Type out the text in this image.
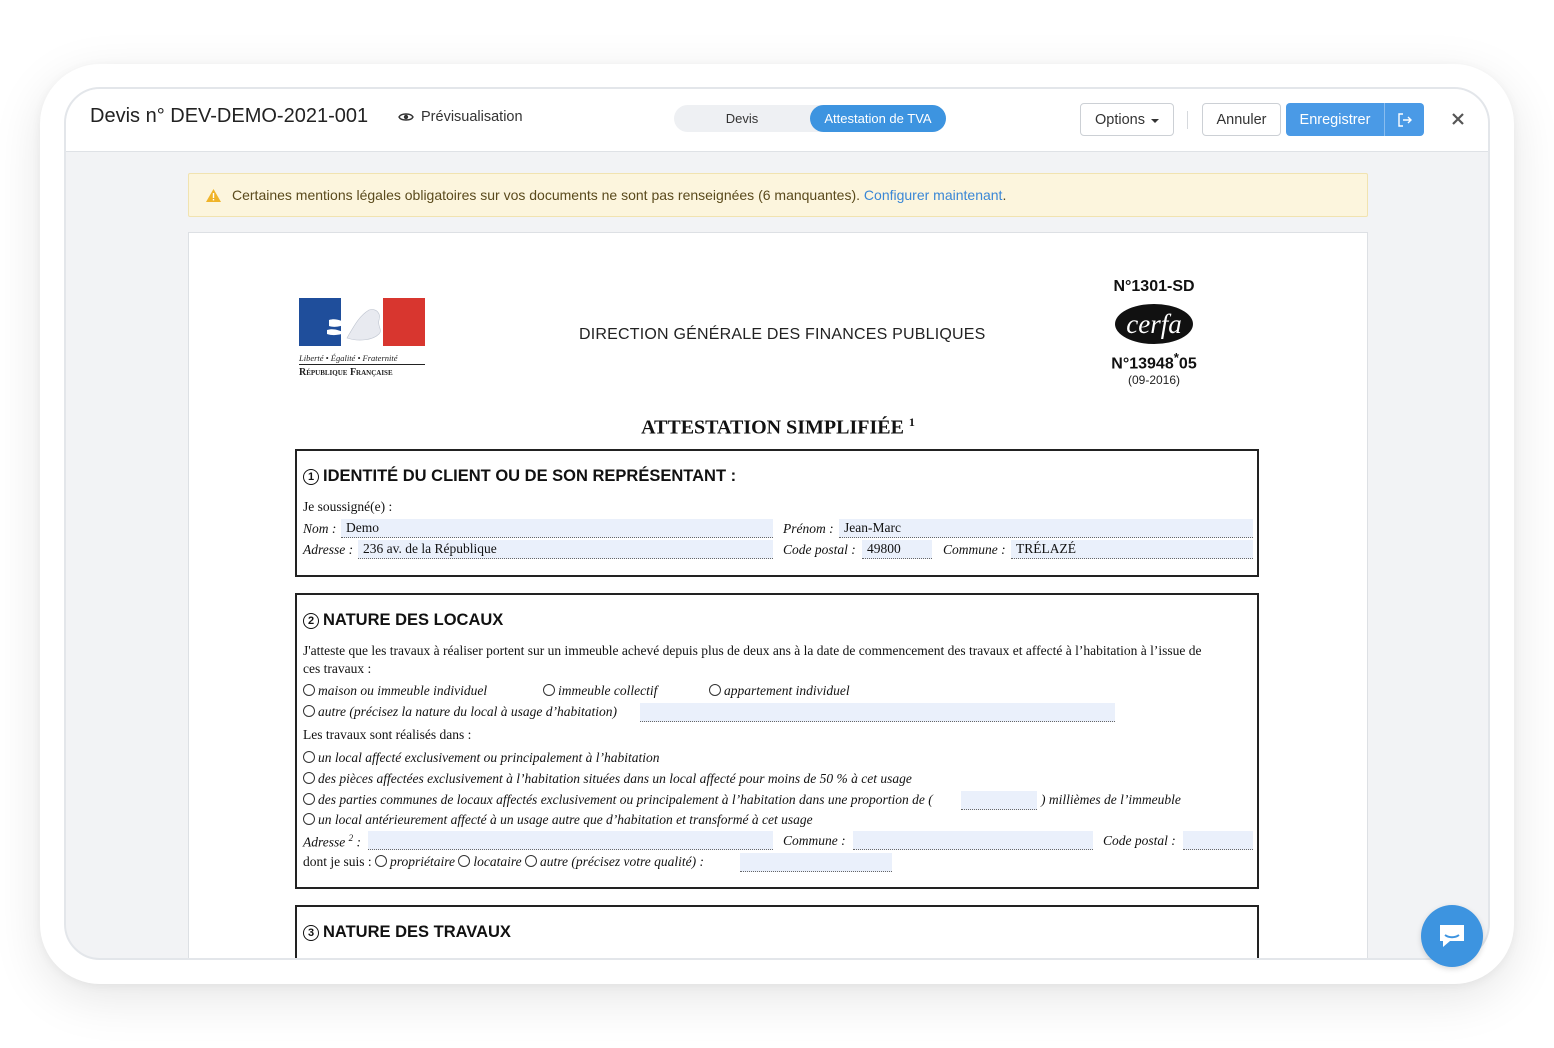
Devis n° DEV-DEMO-2021-001	Prévisualisation	Devis	Attestation de TVA	Options	Annuler	Enregistrer
Certaines mentions légales obligatoires sur vos documents ne sont pas renseignées (6 manquantes). Configurer maintenant.
Liberté • Égalité • Fraternité
République Française
DIRECTION GÉNÉRALE DES FINANCES PUBLIQUES
N°1301-SD
cerfa
N°13948*05
(09-2016)
ATTESTATION SIMPLIFIÉE $^1$
1 IDENTITÉ DU CLIENT OU DE SON REPRÉSENTANT :
Je soussigné(e) :
Nom : Demo	Prénom : Jean-Marc
Adresse : 236 av. de la République	Code postal : 49800	Commune : TRÉLAZÉ
2 NATURE DES LOCAUX
J'atteste que les travaux à réaliser portent sur un immeuble achevé depuis plus de deux ans à la date de commencement des travaux et affecté à l’habitation à l’issue de
ces travaux :
maison ou immeuble individuel	immeuble collectif	appartement individuel
autre (précisez la nature du local à usage d’habitation)
Les travaux sont réalisés dans :
un local affecté exclusivement ou principalement à l’habitation
des pièces affectées exclusivement à l’habitation situées dans un local affecté pour moins de 50 % à cet usage
des parties communes de locaux affectés exclusivement ou principalement à l’habitation dans une proportion de (	) millièmes de l’immeuble
un local antérieurement affecté à un usage autre que d’habitation et transformé à cet usage
Adresse $^2$ :	Commune :	Code postal :
dont je suis : propriétaire locataire autre (précisez votre qualité) :
3 NATURE DES TRAVAUX
